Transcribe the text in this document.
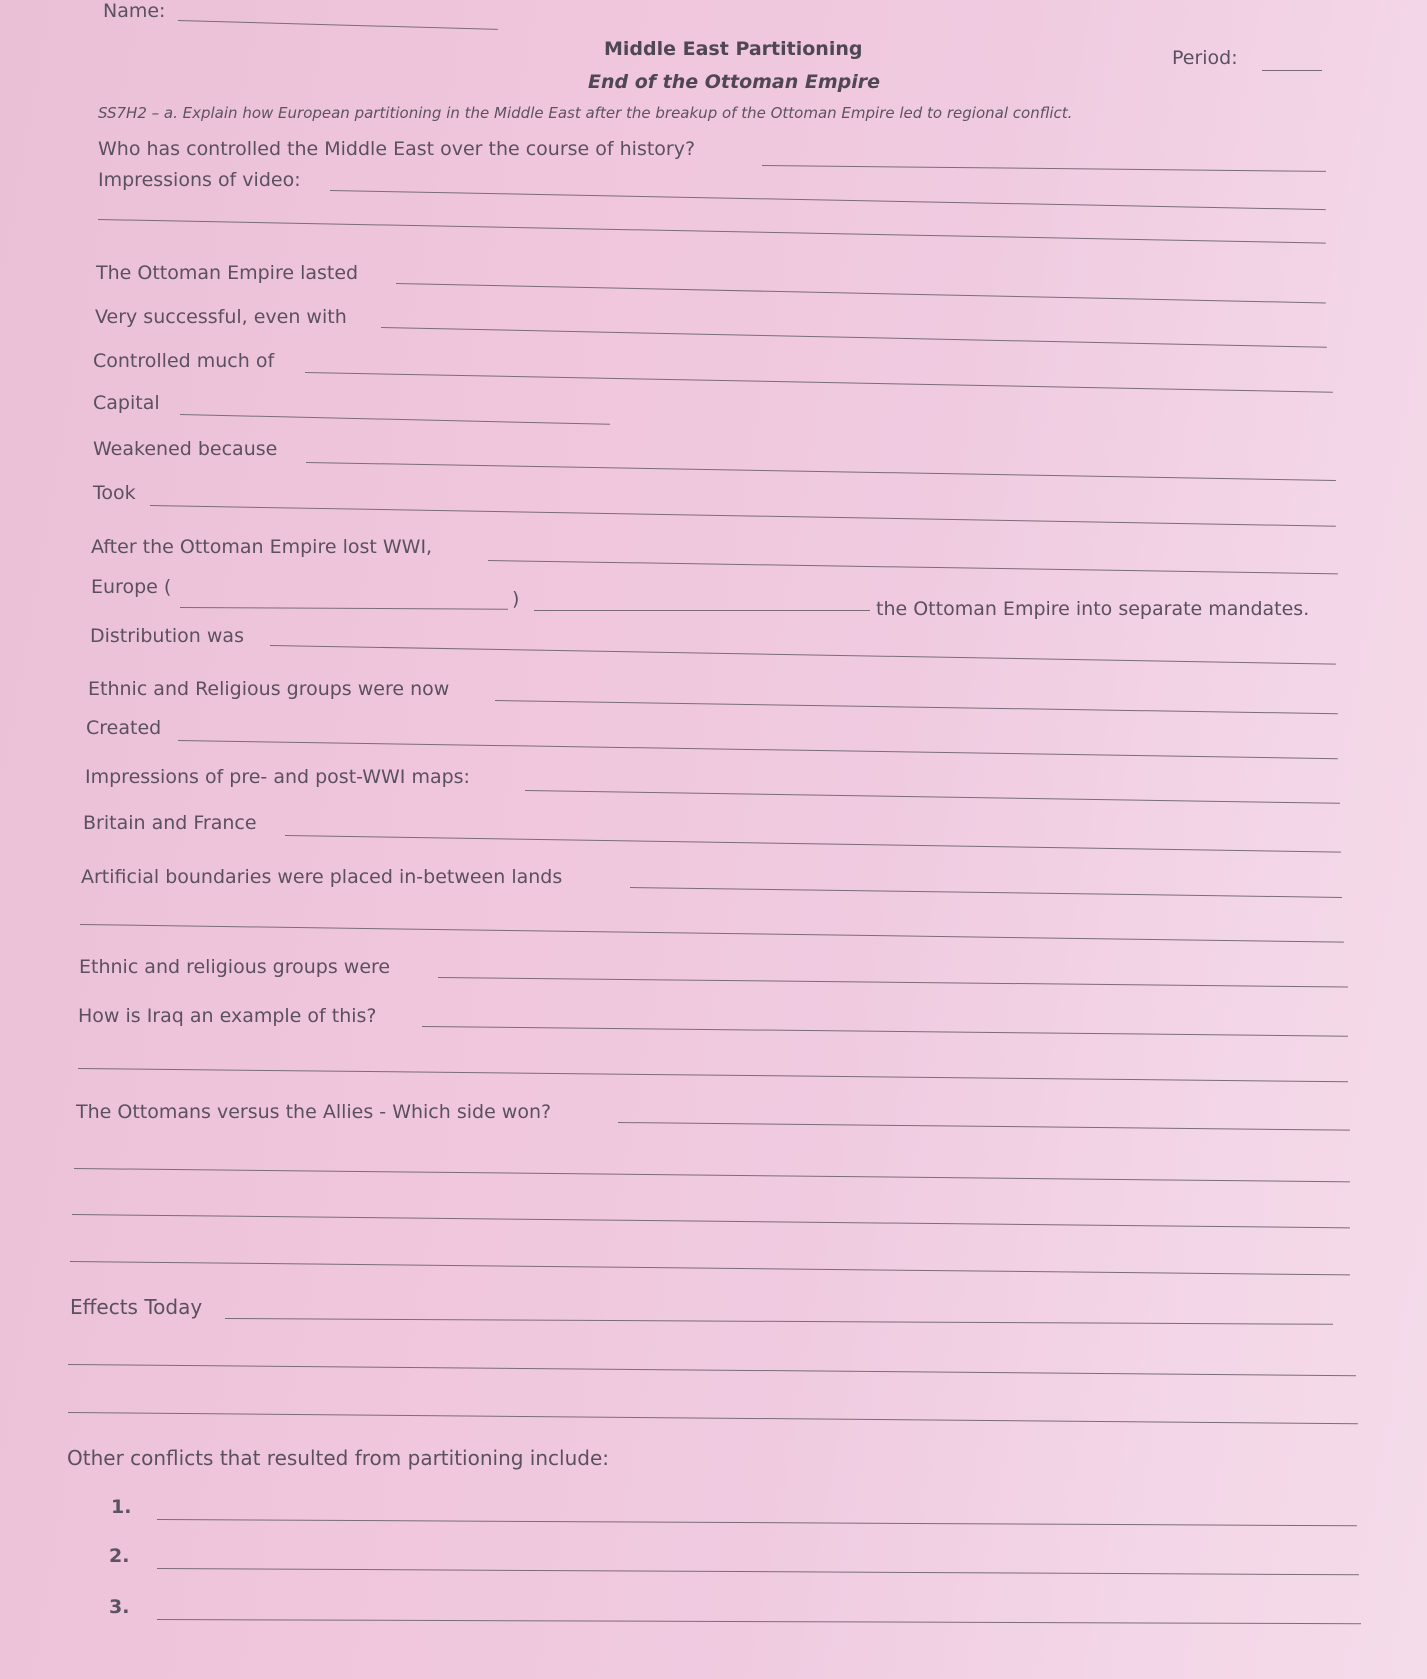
Name:
Middle East Partitioning
End of the Ottoman Empire
Period:
SS7H2 – a. Explain how European partitioning in the Middle East after the breakup of the Ottoman Empire led to regional conflict.
Who has controlled the Middle East over the course of history?
Impressions of video:
The Ottoman Empire lasted
Very successful, even with
Controlled much of
Capital
Weakened because
Took
After the Ottoman Empire lost WWI,
Europe (
)	the Ottoman Empire into separate mandates.
Distribution was
Ethnic and Religious groups were now
Created
Impressions of pre- and post-WWI maps:
Britain and France
Artificial boundaries were placed in-between lands
Ethnic and religious groups were
How is Iraq an example of this?
The Ottomans versus the Allies - Which side won?
Effects Today
Other conflicts that resulted from partitioning include:
1.
2.
3.
